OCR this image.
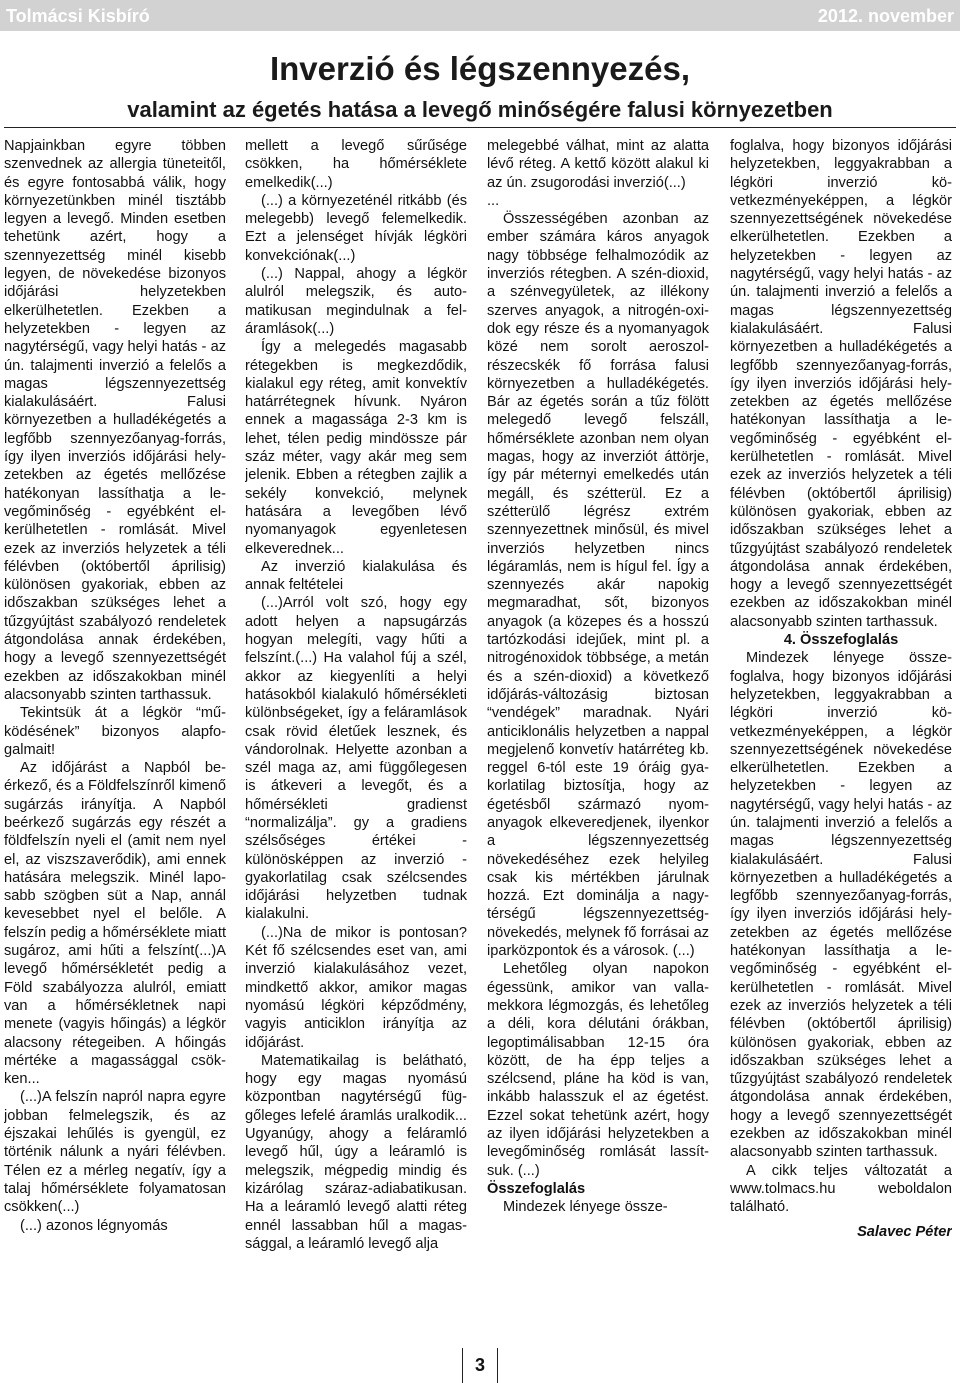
Tolmácsi Kisbíró	2012. november
Inverzió és légszennyezés,
valamint az égetés hatása a levegő minőségére falusi környezetben

Napjainkban egyre többen szenvednek az allergia tüneteitől, és egyre fontosabbá válik, hogy környezetünkben minél tisztább legyen a levegő. Minden esetben tehetünk azért, hogy a szennyezettség minél kisebb legyen, de növekedése bizonyos időjárási helyzetekben elkerülhetetlen. Ezekben a helyzetekben - legyen az nagytérségű, vagy helyi hatás - az ún. talajmenti inverzió a felelős a magas légszennyezettség kialakulásáért. Falusi környezetben a hulladékégetés a legfőbb szennyezőanyag-forrás, így ilyen inverziós időjárási helyzetekben az égetés mellőzése hatékonyan lassíthatja a levegőminőség - egyébként elkerülhetetlen - romlását. Mivel ezek az inverziós helyzetek a téli félévben (októbertől áprilisig) különösen gyakoriak, ebben az időszakban szükséges lehet a tűzgyújtást szabályozó rendeletek átgondolása annak érdekében, hogy a levegő szennyezettségét ezekben az időszakokban minél alacsonyabb szinten tarthassuk.

Tekintsük át a légkör “működésének” bizonyos alapfogalmait!

Az időjárást a Napból beérkező, és a Földfelszínről kimenő sugárzás irányítja. A Napból beérkező sugárzás egy részét a földfelszín nyeli el (amit nem nyel el, az viszszaverődik), ami ennek hatására melegszik. Minél laposabb szögben süt a Nap, annál kevesebbet nyel el belőle. A felszín pedig a hőmérséklete miatt sugároz, ami hűti a felszínt(...)A levegő hőmérsékletét pedig a Föld szabályozza alulról, emiatt van a hőmérsékletnek napi menete (vagyis hőingás) a légkör alacsony rétegeiben. A hőingás mértéke a magassággal csökken...

(...)A felszín napról napra egyre jobban felmelegszik, és az éjszakai lehűlés is gyengül, ez történik nálunk a nyári félévben. Télen ez a mérleg negatív, így a talaj hőmérséklete folyamatosan csökken(...)

(...) azonos légnyomás

mellett a levegő sűrűsége csökken, ha hőmérséklete emelkedik(...)

(...) a környezeténél ritkább (és melegebb) levegő felemelkedik. Ezt a jelenséget hívják légköri konvekciónak(...)

(...) Nappal, ahogy a légkör alulról melegszik, és automatikusan megindulnak a feláramlások(...)

Így a melegedés magasabb rétegekben is megkezdődik, kialakul egy réteg, amit konvektív határrétegnek hívunk. Nyáron ennek a magassága 2-3 km is lehet, télen pedig mindössze pár száz méter, vagy akár meg sem jelenik. Ebben a rétegben zajlik a sekély konvekció, melynek hatására a levegőben lévő nyomanyagok egyenletesen elkeverednek...

Az inverzió kialakulása és annak feltételei

(...)Arról volt szó, hogy egy adott helyen a napsugárzás hogyan melegíti, vagy hűti a felszínt.(...) Ha valahol fúj a szél, akkor az kiegyenlíti a helyi hatásokból kialakuló hőmérsékleti különbségeket, így a feláramlások csak rövid életűek lesznek, és vándorolnak. Helyette azonban a szél maga az, ami függőlegesen is átkeveri a levegőt, és a hőmérsékleti gradienst “normalizálja”. gy a gradiens szélsőséges értékei - különösképpen az inverzió - gyakorlatilag csak szélcsendes időjárási helyzetben tudnak kialakulni.

(...)Na de mikor is pontosan? Két fő szélcsendes eset van, ami inverzió kialakulásához vezet, mindkettő akkor, amikor magas nyomású légköri képződmény, vagyis anticiklon irányítja az időjárást.

Matematikailag is belátható, hogy egy magas nyomású központban nagytérségű függőleges lefelé áramlás uralkodik... Ugyanúgy, ahogy a feláramló levegő hűl, úgy a leáramló is melegszik, mégpedig mindig és kizárólag száraz-adiabatikusan. Ha a leáramló levegő alatti réteg ennél lassabban hűl a magassággal, a leáramló levegő alja

melegebbé válhat, mint az alatta lévő réteg. A kettő között alakul ki az ún. zsugorodási inverzió(...)

...

Összességében azonban az ember számára káros anyagok nagy többsége felhalmozódik az inverziós rétegben. A szén-dioxid, a szénvegyületek, az illékony szerves anyagok, a nitrogén-oxidok egy része és a nyomanyagok közé nem sorolt aeroszol-részecskék fő forrása falusi környezetben a hulladékégetés. Bár az égetés során a tűz fölött melegedő levegő felszáll, hőmérséklete azonban nem olyan magas, hogy az inverziót áttörje, így pár méternyi emelkedés után megáll, és szétterül. Ez a szétterülő légrész extrém szennyezettnek minősül, és mivel inverziós helyzetben nincs légáramlás, nem is hígul fel. Így a szennyezés akár napokig megmaradhat, sőt, bizonyos anyagok (a közepes és a hosszú tartózkodási idejűek, mint pl. a nitrogénoxidok többsége, a metán és a szén-dioxid) a következő időjárás-változásig biztosan “vendégek” maradnak. Nyári anticiklonális helyzetben a nappal megjelenő konvetív határréteg kb. reggel 6-tól este 19 óráig gyakorlatilag biztosítja, hogy az égetésből származó nyomanyagok elkeveredjenek, ilyenkor a légszennyezettség növekedéséhez ezek helyileg csak kis mértékben járulnak hozzá. Ezt dominálja a nagytérségű légszennyezettségnövekedés, melynek fő forrásai az iparközpontok és a városok. (...)

Lehetőleg olyan napokon égessünk, amikor van vallamekkora légmozgás, és lehetőleg a déli, kora délutáni órákban, legoptimálisabban 12-15 óra között, de ha épp teljes a szélcsend, pláne ha köd is van, inkább halasszuk el az égetést. Ezzel sokat tehetünk azért, hogy az ilyen időjárási helyzetekben a levegőminőség romlását lassítsuk. (...)

Összefoglalás

Mindezek lényege össze-

foglalva, hogy bizonyos időjárási helyzetekben, leggyakrabban a légköri inverzió következményeképpen, a légkör szennyezettségének növekedése elkerülhetetlen. Ezekben a helyzetekben - legyen az nagytérségű, vagy helyi hatás - az ún. talajmenti inverzió a felelős a magas légszennyezettség kialakulásáért. Falusi környezetben a hulladékégetés a legfőbb szennyezőanyag-forrás, így ilyen inverziós időjárási helyzetekben az égetés mellőzése hatékonyan lassíthatja a levegőminőség - egyébként elkerülhetetlen - romlását. Mivel ezek az inverziós helyzetek a téli félévben (októbertől áprilisig) különösen gyakoriak, ebben az időszakban szükséges lehet a tűzgyújtást szabályozó rendeletek átgondolása annak érdekében, hogy a levegő szennyezettségét ezekben az időszakokban minél alacsonyabb szinten tarthassuk.

4. Összefoglalás

Mindezek lényege összefoglalva, hogy bizonyos időjárási helyzetekben, leggyakrabban a légköri inverzió következményeképpen, a légkör szennyezettségének növekedése elkerülhetetlen. Ezekben a helyzetekben - legyen az nagytérségű, vagy helyi hatás - az ún. talajmenti inverzió a felelős a magas légszennyezettség kialakulásáért. Falusi környezetben a hulladékégetés a legfőbb szennyezőanyag-forrás, így ilyen inverziós időjárási helyzetekben az égetés mellőzése hatékonyan lassíthatja a levegőminőség - egyébként elkerülhetetlen - romlását. Mivel ezek az inverziós helyzetek a téli félévben (októbertől áprilisig) különösen gyakoriak, ebben az időszakban szükséges lehet a tűzgyújtást szabályozó rendeletek átgondolása annak érdekében, hogy a levegő szennyezettségét ezekben az időszakokban minél alacsonyabb szinten tarthassuk.

A cikk teljes változatát a www.tolmacs.hu weboldalon található.

Salavec Péter

3
